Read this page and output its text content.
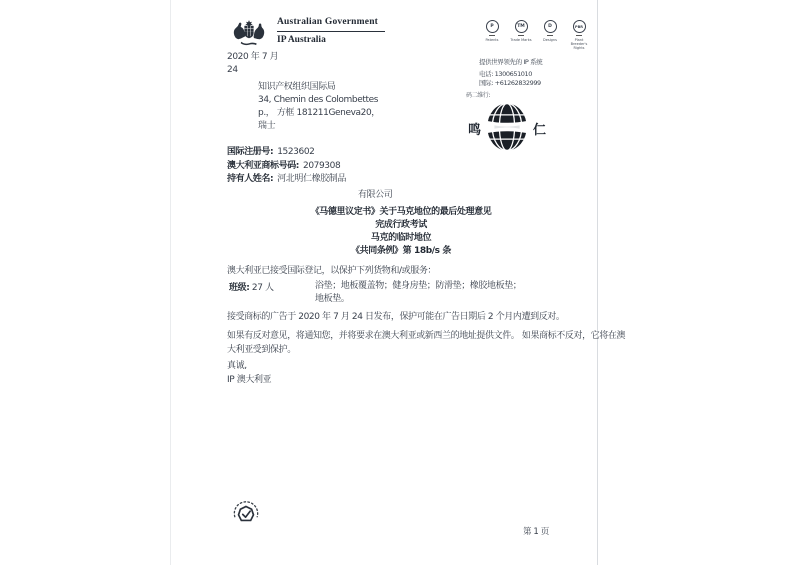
Australian Government
IP Australia
2020 年 7 月
24
知识产权组织国际局
34, Chemin des Colombettes
p.， 方框 181211Geneva20，
瑞士
P
Patents
TM
Trade Marks
D
Designs
PBR
Plant Breeder's Rights
提供世界领先的 IP 系统
电话: 1300651010
国际: +61262832999
码二维行:
鸣	仁
国际注册号: 1523602
澳大利亚商标号码: 2079308
持有人姓名: 河北明仁橡胶制品
有限公司
《马德里议定书》关于马克地位的最后处理意见
完成行政考试
马克的临时地位
《共同条例》第 18b/s 条
澳大利亚已接受国际登记，以保护下列货物和/或服务：
班级: 27 人	浴垫；地板覆盖物；健身房垫；防滑垫；橡胶地板垫；
地板垫。
接受商标的广告于 2020 年 7 月 24 日发布，保护可能在广告日期后 2 个月内遭到反对。
如果有反对意见，将通知您，并将要求在澳大利亚或新西兰的地址提供文件。 如果商标不反对，它将在澳
大利亚受到保护。
真诚,
IP 澳大利亚
第 1 页
